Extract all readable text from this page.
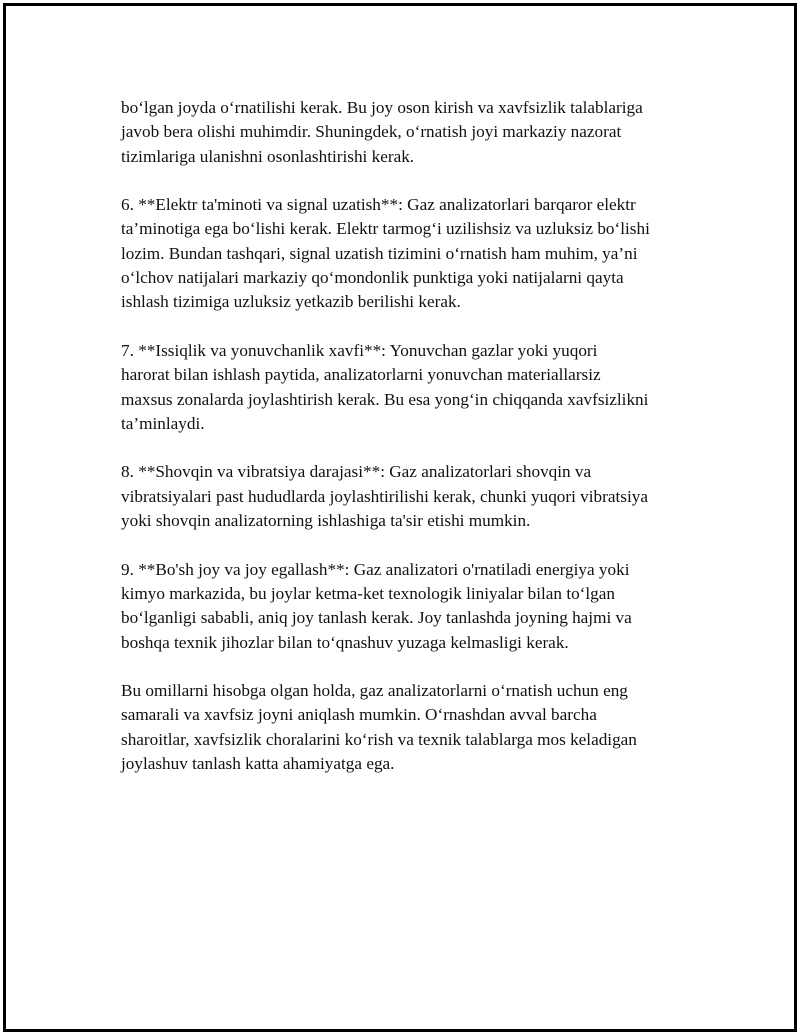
bo‘lgan joyda o‘rnatilishi kerak. Bu joy oson kirish va xavfsizlik talablariga
javob bera olishi muhimdir. Shuningdek, o‘rnatish joyi markaziy nazorat
tizimlariga ulanishni osonlashtirishi kerak.

6. **Elektr ta'minoti va signal uzatish**: Gaz analizatorlari barqaror elektr
ta’minotiga ega bo‘lishi kerak. Elektr tarmog‘i uzilishsiz va uzluksiz bo‘lishi
lozim. Bundan tashqari, signal uzatish tizimini o‘rnatish ham muhim, ya’ni
o‘lchov natijalari markaziy qo‘mondonlik punktiga yoki natijalarni qayta
ishlash tizimiga uzluksiz yetkazib berilishi kerak.

7. **Issiqlik va yonuvchanlik xavfi**: Yonuvchan gazlar yoki yuqori
harorat bilan ishlash paytida, analizatorlarni yonuvchan materiallarsiz
maxsus zonalarda joylashtirish kerak. Bu esa yong‘in chiqqanda xavfsizlikni
ta’minlaydi.

8. **Shovqin va vibratsiya darajasi**: Gaz analizatorlari shovqin va
vibratsiyalari past hududlarda joylashtirilishi kerak, chunki yuqori vibratsiya
yoki shovqin analizatorning ishlashiga ta'sir etishi mumkin.

9. **Bo'sh joy va joy egallash**: Gaz analizatori o'rnatiladi energiya yoki
kimyo markazida, bu joylar ketma-ket texnologik liniyalar bilan to‘lgan
bo‘lganligi sababli, aniq joy tanlash kerak. Joy tanlashda joyning hajmi va
boshqa texnik jihozlar bilan to‘qnashuv yuzaga kelmasligi kerak.

Bu omillarni hisobga olgan holda, gaz analizatorlarni o‘rnatish uchun eng
samarali va xavfsiz joyni aniqlash mumkin. O‘rnashdan avval barcha
sharoitlar, xavfsizlik choralarini ko‘rish va texnik talablarga mos keladigan
joylashuv tanlash katta ahamiyatga ega.
